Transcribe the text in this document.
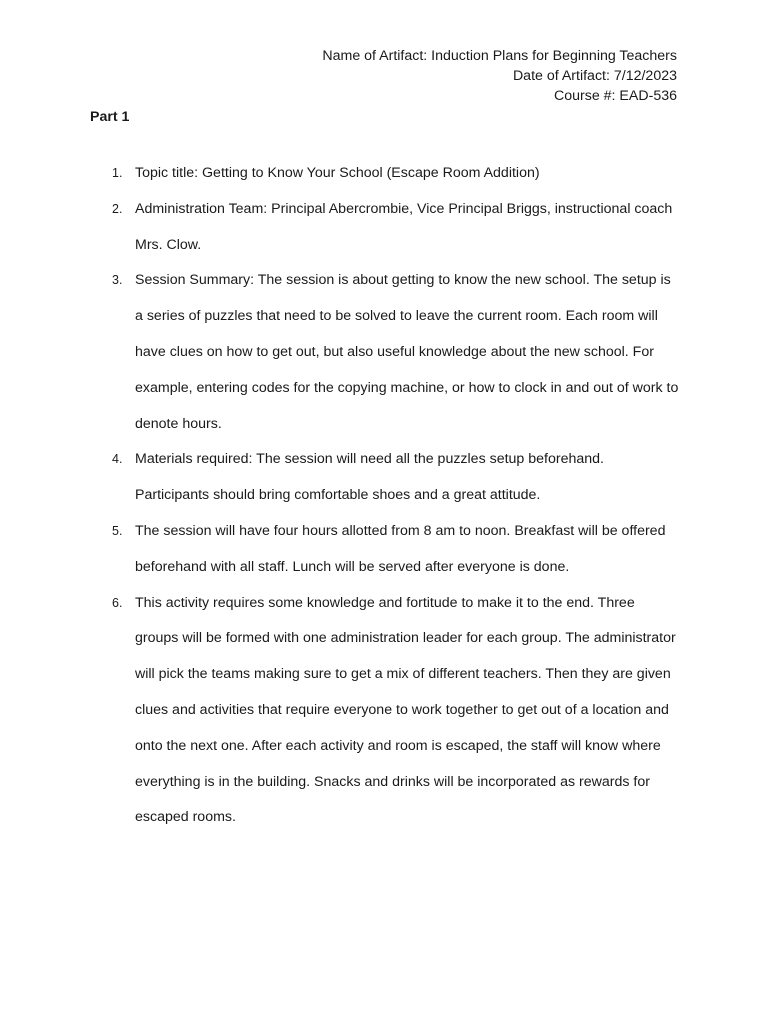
Name of Artifact: Induction Plans for Beginning Teachers
Date of Artifact: 7/12/2023
Course #: EAD-536
Part 1
1. Topic title: Getting to Know Your School (Escape Room Addition)
2. Administration Team: Principal Abercrombie, Vice Principal Briggs, instructional coach Mrs. Clow.
3. Session Summary: The session is about getting to know the new school. The setup is a series of puzzles that need to be solved to leave the current room. Each room will have clues on how to get out, but also useful knowledge about the new school. For example, entering codes for the copying machine, or how to clock in and out of work to denote hours.
4. Materials required: The session will need all the puzzles setup beforehand. Participants should bring comfortable shoes and a great attitude.
5. The session will have four hours allotted from 8 am to noon. Breakfast will be offered beforehand with all staff. Lunch will be served after everyone is done.
6. This activity requires some knowledge and fortitude to make it to the end. Three groups will be formed with one administration leader for each group. The administrator will pick the teams making sure to get a mix of different teachers. Then they are given clues and activities that require everyone to work together to get out of a location and onto the next one. After each activity and room is escaped, the staff will know where everything is in the building. Snacks and drinks will be incorporated as rewards for escaped rooms.
